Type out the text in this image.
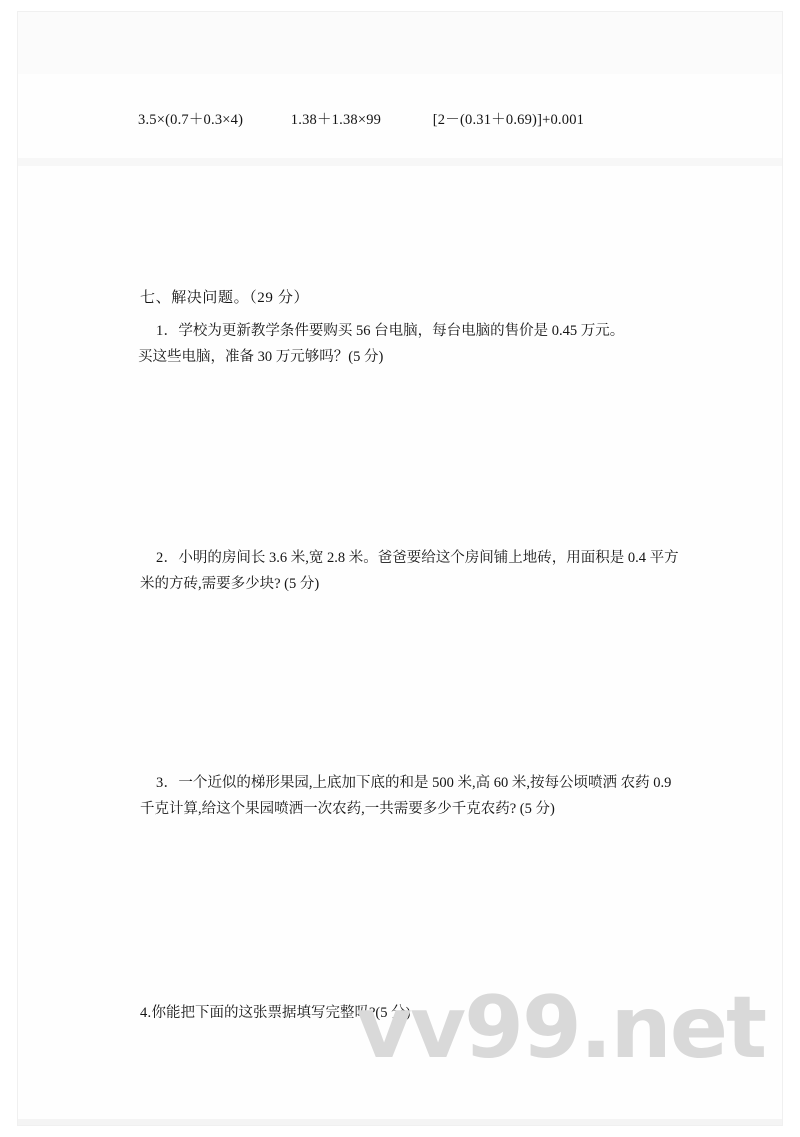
3.5×(0.7＋0.3×4)	1.38＋1.38×99	[2－(0.31＋0.69)]+0.001
七、解决问题。（29 分）
1．学校为更新教学条件要购买 56 台电脑，每台电脑的售价是 0.45 万元。
买这些电脑，准备 30 万元够吗？(5 分)
2．小明的房间长 3.6 米,宽 2.8 米。爸爸要给这个房间铺上地砖，用面积是 0.4 平方米的方砖,需要多少块? (5 分)
3．一个近似的梯形果园,上底加下底的和是 500 米,高 60 米,按每公顷喷洒 农药 0.9 千克计算,给这个果园喷洒一次农药,一共需要多少千克农药? (5 分)
4.你能把下面的这张票据填写完整吗?(5 分)
vv99.net
